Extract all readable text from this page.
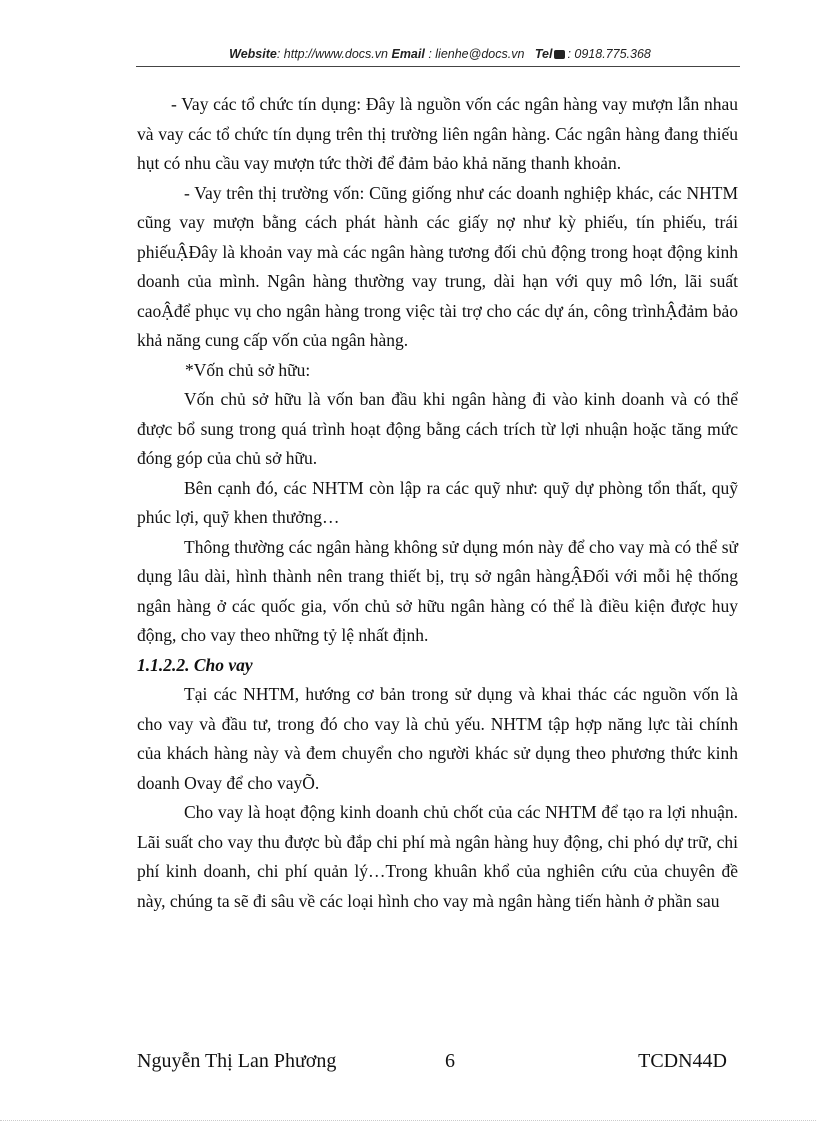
Website: http://www.docs.vn Email : lienhe@docs.vn Tel : 0918.775.368

- Vay các tổ chức tín dụng: Đây là nguồn vốn các ngân hàng vay mượn lẫn nhau và vay các tổ chức tín dụng trên thị trường liên ngân hàng. Các ngân hàng đang thiếu hụt có nhu cầu vay mượn tức thời để đảm bảo khả năng thanh khoản.

- Vay trên thị trường vốn: Cũng giống như các doanh nghiệp khác, các NHTM cũng vay mượn bằng cách phát hành các giấy nợ như kỳ phiếu, tín phiếu, trái phiếuẬĐây là khoản vay mà các ngân hàng tương đối chủ động trong hoạt động kinh doanh của mình. Ngân hàng thường vay trung, dài hạn với quy mô lớn, lãi suất caoẬđể phục vụ cho ngân hàng trong việc tài trợ cho các dự án, công trìnhẬđảm bảo khả năng cung cấp vốn của ngân hàng.

*Vốn chủ sở hữu:

Vốn chủ sở hữu là vốn ban đầu khi ngân hàng đi vào kinh doanh và có thể được bổ sung trong quá trình hoạt động bằng cách trích từ lợi nhuận hoặc tăng mức đóng góp của chủ sở hữu.

Bên cạnh đó, các NHTM còn lập ra các quỹ như: quỹ dự phòng tổn thất, quỹ phúc lợi, quỹ khen thưởng…

Thông thường các ngân hàng không sử dụng món này để cho vay mà có thể sử dụng lâu dài, hình thành nên trang thiết bị, trụ sở ngân hàngẬĐối với mỗi hệ thống ngân hàng ở các quốc gia, vốn chủ sở hữu ngân hàng có thể là điều kiện được huy động, cho vay theo những tỷ lệ nhất định.

1.1.2.2. Cho vay

Tại các NHTM, hướng cơ bản trong sử dụng và khai thác các nguồn vốn là cho vay và đầu tư, trong đó cho vay là chủ yếu. NHTM tập hợp năng lực tài chính của khách hàng này và đem chuyển cho người khác sử dụng theo phương thức kinh doanh Ovay để cho vayÕ.

Cho vay là hoạt động kinh doanh chủ chốt của các NHTM để tạo ra lợi nhuận. Lãi suất cho vay thu được bù đắp chi phí mà ngân hàng huy động, chi phó dự trữ, chi phí kinh doanh, chi phí quản lý…Trong khuân khổ của nghiên cứu của chuyên đề này, chúng ta sẽ đi sâu về các loại hình cho vay mà ngân hàng tiến hành ở phần sau

Nguyễn Thị Lan Phương	6	TCDN44D
